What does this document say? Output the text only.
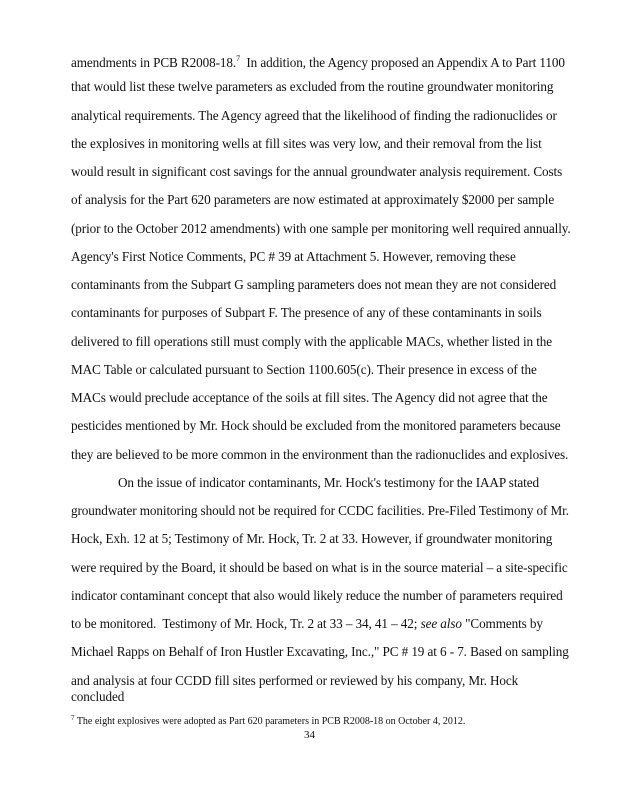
amendments in PCB R2008-18.$^7$  In addition, the Agency proposed an Appendix A to Part 1100
that would list these twelve parameters as excluded from the routine groundwater monitoring
analytical requirements. The Agency agreed that the likelihood of finding the radionuclides or
the explosives in monitoring wells at fill sites was very low, and their removal from the list
would result in significant cost savings for the annual groundwater analysis requirement. Costs
of analysis for the Part 620 parameters are now estimated at approximately $2000 per sample
(prior to the October 2012 amendments) with one sample per monitoring well required annually.
Agency's First Notice Comments, PC # 39 at Attachment 5. However, removing these
contaminants from the Subpart G sampling parameters does not mean they are not considered
contaminants for purposes of Subpart F. The presence of any of these contaminants in soils
delivered to fill operations still must comply with the applicable MACs, whether listed in the
MAC Table or calculated pursuant to Section 1100.605(c). Their presence in excess of the
MACs would preclude acceptance of the soils at fill sites. The Agency did not agree that the
pesticides mentioned by Mr. Hock should be excluded from the monitored parameters because
they are believed to be more common in the environment than the radionuclides and explosives.
On the issue of indicator contaminants, Mr. Hock's testimony for the IAAP stated
groundwater monitoring should not be required for CCDC facilities. Pre-Filed Testimony of Mr.
Hock, Exh. 12 at 5; Testimony of Mr. Hock, Tr. 2 at 33. However, if groundwater monitoring
were required by the Board, it should be based on what is in the source material – a site-specific
indicator contaminant concept that also would likely reduce the number of parameters required
to be monitored.  Testimony of Mr. Hock, Tr. 2 at 33 – 34, 41 – 42; see also "Comments by
Michael Rapps on Behalf of Iron Hustler Excavating, Inc.," PC # 19 at 6 - 7. Based on sampling
and analysis at four CCDD fill sites performed or reviewed by his company, Mr. Hock
concluded
$^7$ The eight explosives were adopted as Part 620 parameters in PCB R2008-18 on October 4, 2012.
34
